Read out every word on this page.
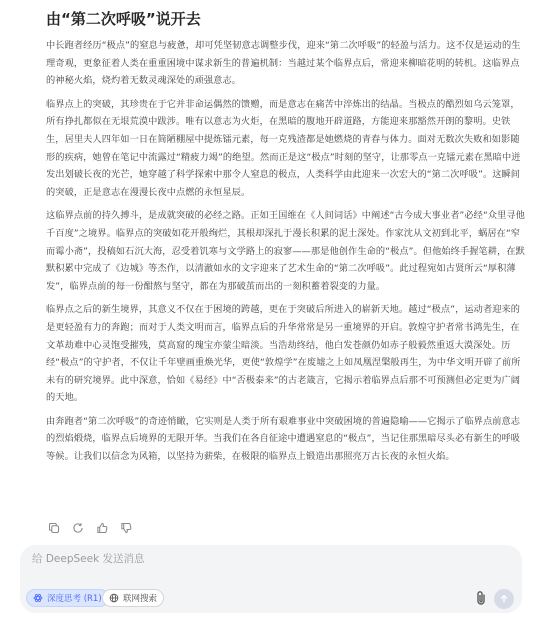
由“第二次呼吸”说开去

中长跑者经历“极点”的窒息与疲惫，却可凭坚韧意志调整步伐，迎来“第二次呼吸”的轻盈与活力。这不仅是运动的生理奇观，更象征着人类在重重困境中谋求新生的普遍机制：当越过某个临界点后，常迎来柳暗花明的转机。这临界点的神秘火焰，烧灼着无数灵魂深处的顽强意志。

临界点上的突破，其珍贵在于它并非命运偶然的馈赠，而是意志在痛苦中淬炼出的结晶。当极点的酷烈如乌云笼罩，所有挣扎都似在无垠荒漠中跋涉。唯有以意志为火炬，在黑暗的腹地开辟道路，方能迎来那豁然开朗的黎明。史铁生，居里夫人四年如一日在简陋棚屋中提炼镭元素，每一克残渣都是她燃烧的青春与体力。面对无数次失败和如影随形的疾病，她曾在笔记中流露过“精疲力竭”的绝望。然而正是这“极点”时刻的坚守，让那零点一克镭元素在黑暗中迸发出划破长夜的光芒，她穿越了科学探索中那令人窒息的极点，人类科学由此迎来一次宏大的“第二次呼吸”。这瞬间的突破，正是意志在漫漫长夜中点燃的永恒星辰。

这临界点前的持久搏斗，是成就突破的必经之路。正如王国维在《人间词话》中阐述“古今成大事业者”必经“众里寻他千百度”之境界。临界点的突破如花开般绚烂，其根却深扎于漫长积累的泥土深处。作家沈从文初到北平，蜗居在“窄而霉小斋”，投稿如石沉大海，忍受着饥寒与文学路上的寂寥——那是他创作生命的“极点”。但他始终手握笔耕，在默默积累中完成了《边城》等杰作，以清澈如水的文字迎来了艺术生命的“第二次呼吸”。此过程宛如古贤所云“厚积薄发”，临界点前的每一份酣熬与坚守，都在为那破茧而出的一刻积蓄着裂变的力量。

临界点之后的新生境界，其意义不仅在于困境的跨越，更在于突破后所进入的崭新天地。越过“极点”，运动者迎来的是更轻盈有力的奔跑；而对于人类文明而言，临界点后的升华常常是另一重境界的开启。敦煌守护者常书鸿先生，在文革劫难中心灵饱受摧残，莫高窟的瑰宝亦蒙尘暗淡。当浩劫终结，他白发苍颜仍如赤子般毅然重返大漠深处。历经“极点”的守护者，不仅让千年壁画重焕光华，更使“敦煌学”在废墟之上如凤凰涅槃般再生，为中华文明开辟了前所未有的研究境界。此中深意，恰如《易经》中“否极泰来”的古老箴言，它揭示着临界点后那不可预测但必定更为广阔的天地。

由奔跑者“第二次呼吸”的奇迹悄瞰，它实则是人类于所有艰难事业中突破困境的普遍隐喻——它揭示了临界点前意志的烈焰煅烧，临界点后境界的无限开华。当我们在各自征途中遭遇窒息的“极点”，当记住那黑暗尽头必有新生的呼吸等候。让我们以信念为风箱，以坚持为薪柴，在极限的临界点上锻造出那照亮万古长夜的永恒火焰。

给 DeepSeek 发送消息
深度思考 (R1)	联网搜索
